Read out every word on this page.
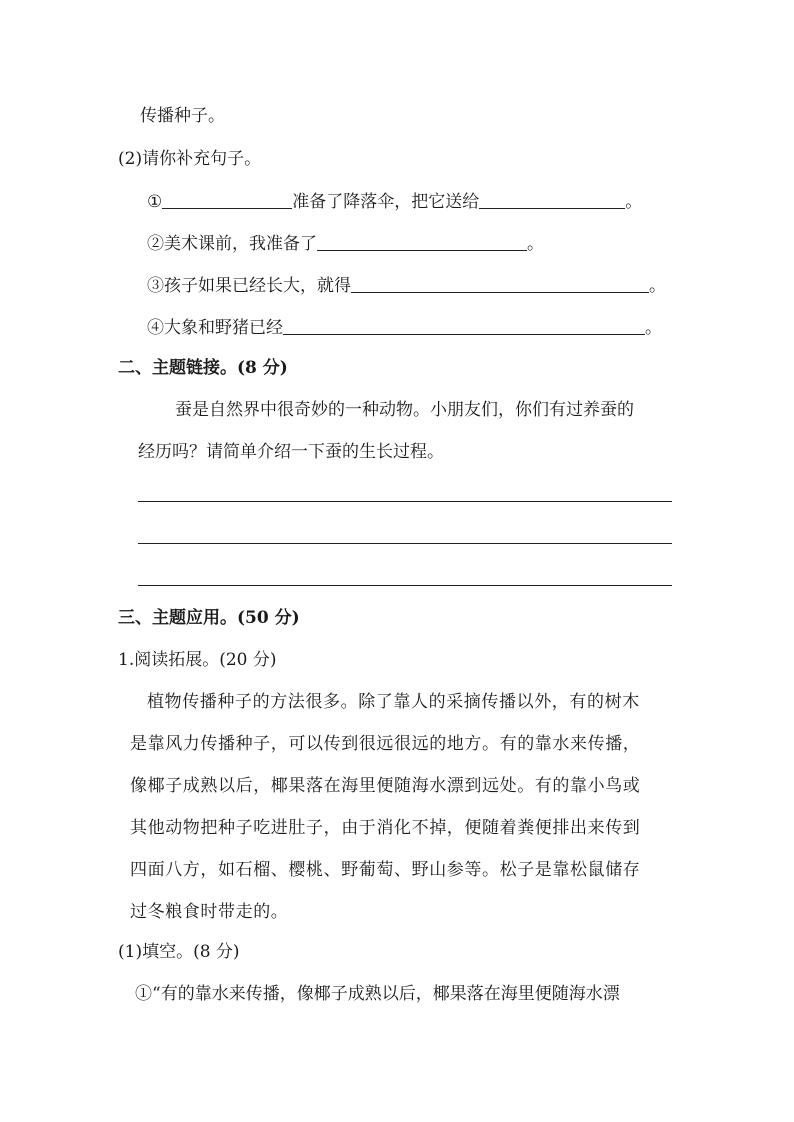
传播种子。
(2)请你补充句子。
①	准备了降落伞，把它送给	。
②美术课前，我准备了	。
③孩子如果已经长大，就得	。
④大象和野猪已经	。
二、主题链接。(8 分)
蚕是自然界中很奇妙的一种动物。小朋友们，你们有过养蚕的
经历吗？请简单介绍一下蚕的生长过程。
三、主题应用。(50 分)
1.阅读拓展。(20 分)
植物传播种子的方法很多。除了靠人的采摘传播以外，有的树木
是靠风力传播种子，可以传到很远很远的地方。有的靠水来传播，
像椰子成熟以后，椰果落在海里便随海水漂到远处。有的靠小鸟或
其他动物把种子吃进肚子，由于消化不掉，便随着粪便排出来传到
四面八方，如石榴、樱桃、野葡萄、野山参等。松子是靠松鼠储存
过冬粮食时带走的。
(1)填空。(8 分)
①“有的靠水来传播，像椰子成熟以后，椰果落在海里便随海水漂
